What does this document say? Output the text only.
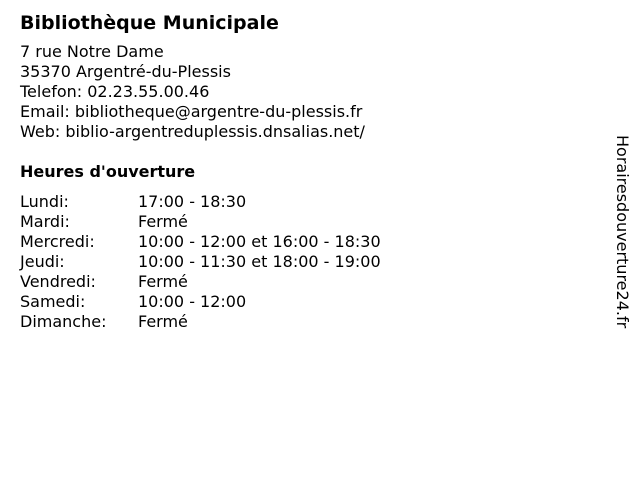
Bibliothèque Municipale
7 rue Notre Dame
35370 Argentré-du-Plessis
Telefon: 02.23.55.00.46
Email: bibliotheque@argentre-du-plessis.fr
Web: biblio-argentreduplessis.dnsalias.net/
Heures d'ouverture
Lundi:	17:00 - 18:30
Mardi:	Fermé
Mercredi:	10:00 - 12:00 et 16:00 - 18:30
Jeudi:	10:00 - 11:30 et 18:00 - 19:00
Vendredi:	Fermé
Samedi:	10:00 - 12:00
Dimanche:	Fermé	Horairesdouverture24.fr
